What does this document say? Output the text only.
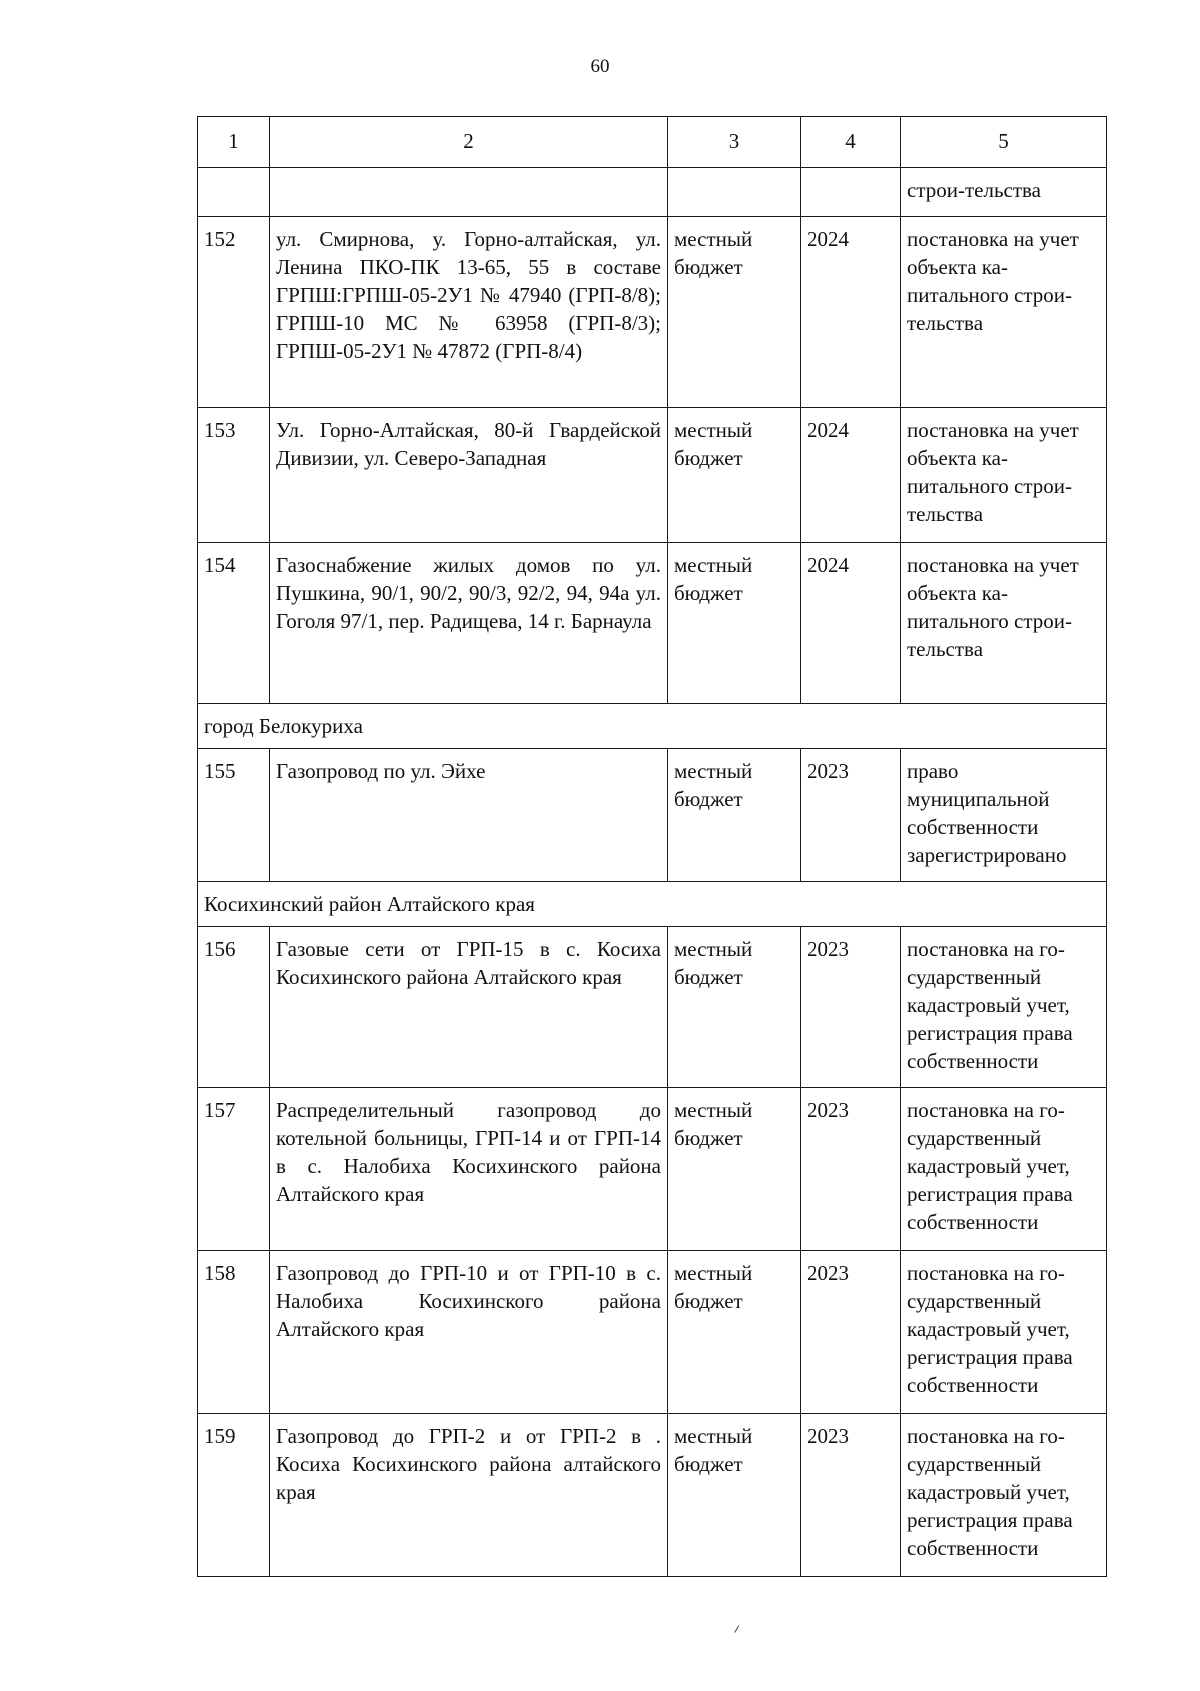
60
1	2	3	4	5
				строи-тельства
152	ул. Смирнова, у. Горно-алтайская, ул. Ленина ПКО-ПК 13-65, 55 в составе ГРПШ:ГРПШ-05-2У1 № 47940 (ГРП-8/8); ГРПШ-10 МС № 63958 (ГРП-8/3); ГРПШ-05-2У1 № 47872 (ГРП-8/4)	местный бюджет	2024	постановка на учет объекта ка-питального строи-тельства
153	Ул. Горно-Алтайская, 80-й Гвардейской Дивизии, ул. Северо-Западная	местный бюджет	2024	постановка на учет объекта ка-питального строи-тельства
154	Газоснабжение жилых домов по ул. Пушкина, 90/1, 90/2, 90/3, 92/2, 94, 94а ул. Гоголя 97/1, пер. Радищева, 14 г. Барнаула	местный бюджет	2024	постановка на учет объекта ка-питального строи-тельства
город Белокуриха				
155	Газопровод по ул. Эйхе	местный бюджет	2023	право муниципальной собственности зарегистрировано
Косихинский район Алтайского края				
156	Газовые сети от ГРП-15 в с. Косиха Косихинского района Алтайского края	местный бюджет	2023	постановка на го-сударственный кадастровый учет, регистрация права собственности
157	Распределительный газопровод до котельной больницы, ГРП-14 и от ГРП-14 в с. Налобиха Косихинского района Алтайского края	местный бюджет	2023	постановка на го-сударственный кадастровый учет, регистрация права собственности
158	Газопровод до ГРП-10 и от ГРП-10 в с. Налобиха Косихинского района Алтайского края	местный бюджет	2023	постановка на го-сударственный кадастровый учет, регистрация права собственности
159	Газопровод до ГРП-2 и от ГРП-2 в . Косиха Косихинского района алтайского края	местный бюджет	2023	постановка на го-сударственный кадастровый учет, регистрация права собственности
